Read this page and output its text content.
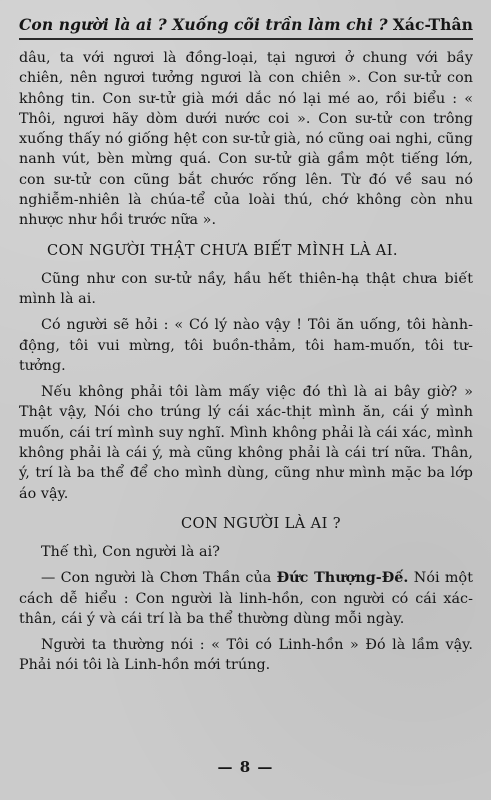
Con người là ai ? Xuống cõi trần làm chi ? Xác-Thân

dâu, ta với ngươi là đồng-loại, tại ngươi ở chung với bầy chiên, nên ngươi tưởng ngươi là con chiên ». Con sư-tử con không tin. Con sư-tử già mới dắc nó lại mé ao, rồi biểu : « Thôi, ngươi hãy dòm dưới nước coi ». Con sư-tử con trông xuống thấy nó giống hệt con sư-tử già, nó cũng oai nghi, cũng nanh vút, bèn mừng quá. Con sư-tử già gầm một tiếng lớn, con sư-tử con cũng bắt chước rống lên. Từ đó về sau nó nghiễm-nhiên là chúa-tể của loài thú, chớ không còn nhu nhược như hồi trước nữa ».

CON NGƯỜI THẬT CHƯA BIẾT MÌNH LÀ AI.

Cũng như con sư-tử nầy, hầu hết thiên-hạ thật chưa biết mình là ai.

Có người sẽ hỏi : « Có lý nào vậy ! Tôi ăn uống, tôi hành-động, tôi vui mừng, tôi buồn-thảm, tôi ham-muốn, tôi tư-tưởng.

Nếu không phải tôi làm mấy việc đó thì là ai bây giờ? » Thật vậy, Nói cho trúng lý cái xác-thịt mình ăn, cái ý mình muốn, cái trí mình suy nghĩ. Mình không phải là cái xác, mình không phải là cái ý, mà cũng không phải là cái trí nữa. Thân, ý, trí là ba thể để cho mình dùng, cũng như mình mặc ba lớp áo vậy.

CON NGƯỜI LÀ AI ?

Thế thì, Con người là ai?

— Con người là Chơn Thần của Đức Thượng-Đế. Nói một cách dễ hiểu : Con người là linh-hồn, con người có cái xác-thân, cái ý và cái trí là ba thể thường dùng mỗi ngày.

Người ta thường nói : « Tôi có Linh-hồn » Đó là lầm vậy. Phải nói tôi là Linh-hồn mới trúng.

— 8 —
